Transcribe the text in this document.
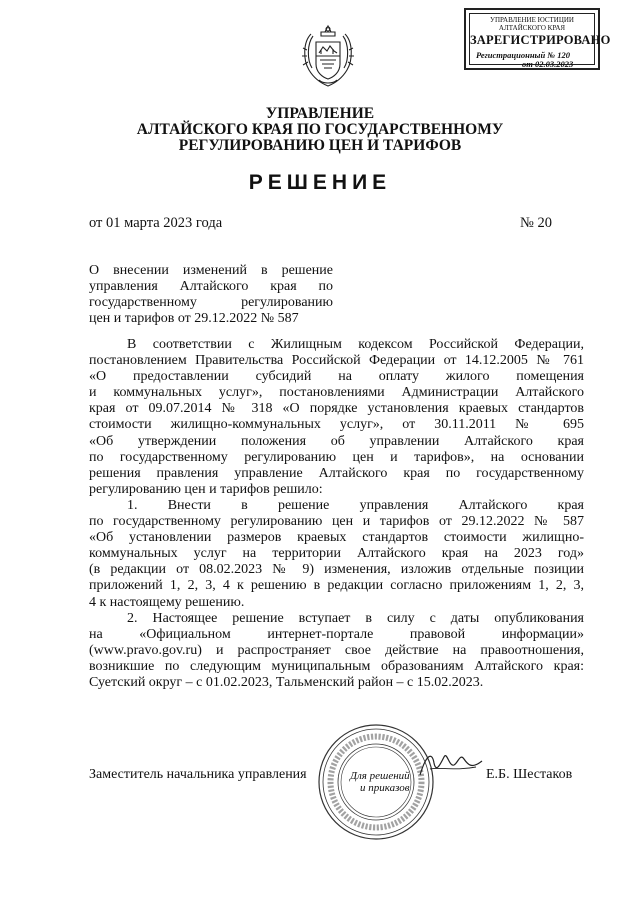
УПРАВЛЕНИЕ ЮСТИЦИИ
АЛТАЙСКОГО КРАЯ
ЗАРЕГИСТРИРОВАНО
Регистрационный № 120
от 02.03.2023
УПРАВЛЕНИЕ
АЛТАЙСКОГО КРАЯ ПО ГОСУДАРСТВЕННОМУ
РЕГУЛИРОВАНИЮ ЦЕН И ТАРИФОВ
РЕШЕНИЕ
от 01 марта 2023 года	№ 20
О внесении изменений в решение
управления Алтайского края по
государственному регулированию
цен и тарифов от 29.12.2022 № 587
В соответствии с Жилищным кодексом Российской Федерации,
постановлением Правительства Российской Федерации от 14.12.2005 № 761
«О предоставлении субсидий на оплату жилого помещения
и коммунальных услуг», постановлениями Администрации Алтайского
края от 09.07.2014 № 318 «О порядке установления краевых стандартов
стоимости жилищно-коммунальных услуг», от 30.11.2011 № 695
«Об утверждении положения об управлении Алтайского края
по государственному регулированию цен и тарифов», на основании
решения правления управление Алтайского края по государственному
регулированию цен и тарифов решило:
1. Внести в решение управления Алтайского края
по государственному регулированию цен и тарифов от 29.12.2022 № 587
«Об установлении размеров краевых стандартов стоимости жилищно-
коммунальных услуг на территории Алтайского края на 2023 год»
(в редакции от 08.02.2023 № 9) изменения, изложив отдельные позиции
приложений 1, 2, 3, 4 к решению в редакции согласно приложениям 1, 2, 3,
4 к настоящему решению.
2. Настоящее решение вступает в силу с даты опубликования
на «Официальном интернет-портале правовой информации»
(www.pravo.gov.ru) и распространяет свое действие на правоотношения,
возникшие по следующим муниципальным образованиям Алтайского края:
Суетский округ – с 01.02.2023, Тальменский район – с 15.02.2023.
Для решений
и приказов
Заместитель начальника управления	Е.Б. Шестаков
